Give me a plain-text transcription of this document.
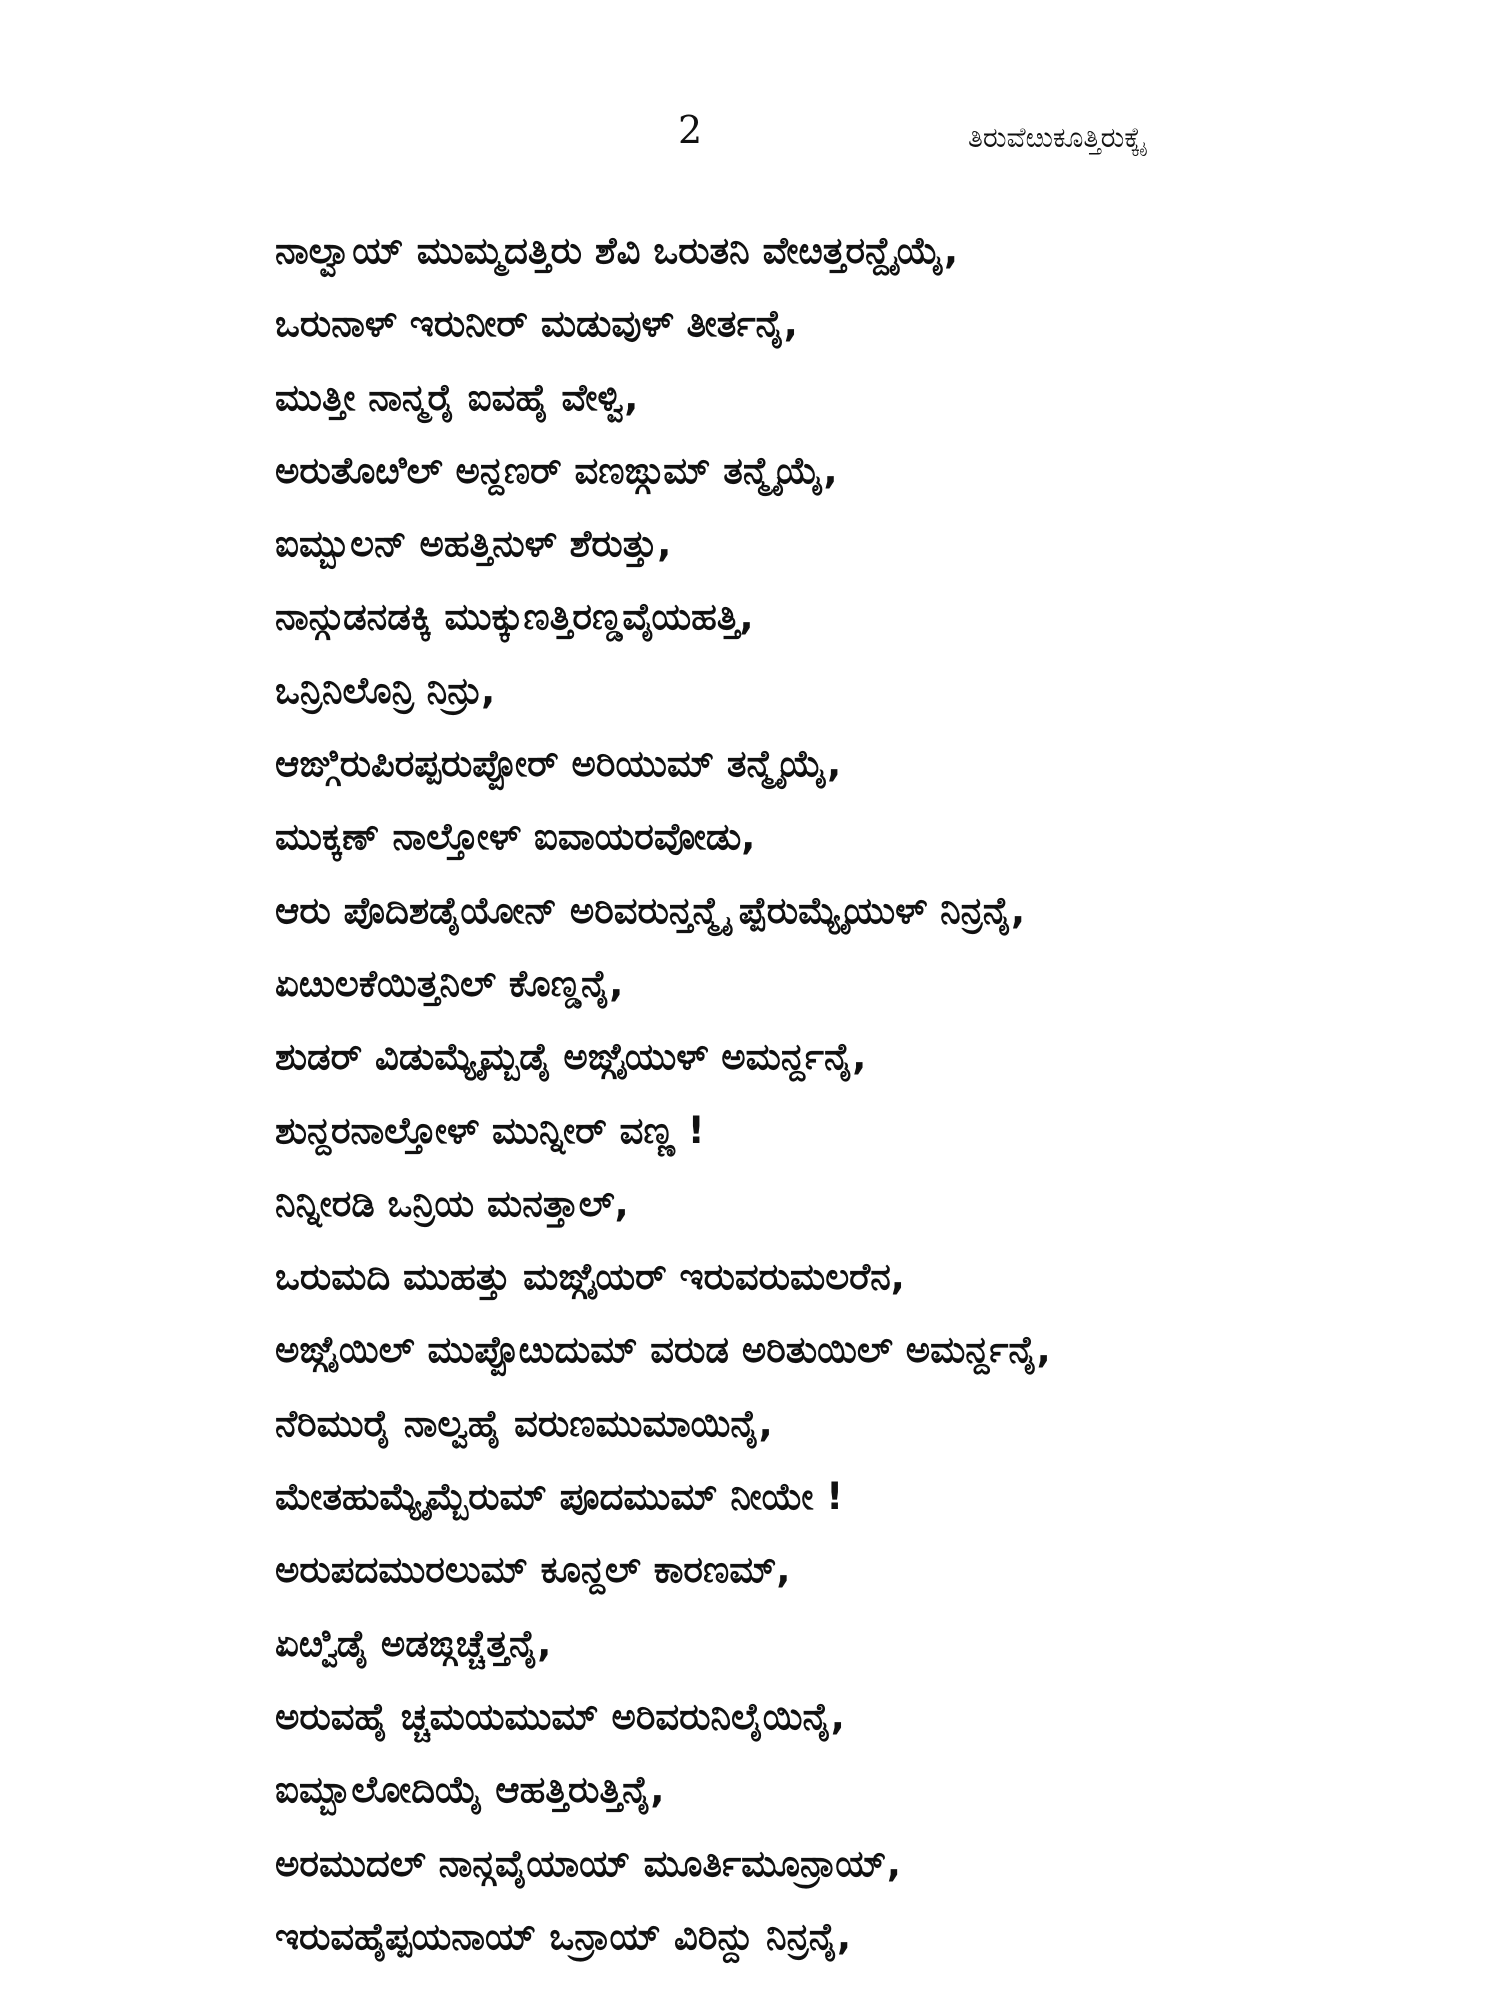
2	ತಿರುವೆೞುಕೂತ್ತಿರುಕ್ಕೈ
ನಾಲ್ವಾಯ್ ಮುಮ್ಮದತ್ತಿರು ಶೆವಿ ಒರುತನಿ ವೇೞತ್ತರನ್ದೈಯೈ,
ಒರುನಾಳ್ ಇರುನೀರ್ ಮಡುವುಳ್ ತೀರ್ತನೈ,
ಮುತ್ತೀ ನಾನ್ಮರೈ ಐವಹೈ ವೇಳ್ವಿ,
ಅರುತೊೞಿಲ್ ಅನ್ದಣರ್ ವಣಙ್ಗುಮ್ ತನ್ಮೈಯೈ,
ಐಮ್ಬುಲನ್ ಅಹತ್ತಿನುಳ್ ಶೆರುತ್ತು,
ನಾನ್ಗುಡನಡಕ್ಕಿ ಮುಕ್ಕುಣತ್ತಿರಣ್ಡವೈಯಹತ್ತಿ,
ಒನ್ರಿನಿಲೊನ್ರಿ ನಿನ್ರು,
ಆಙ್ಗಿರುಪಿರಪ್ಪರುಪ್ಪೋರ್ ಅರಿಯುಮ್ ತನ್ಮೈಯೈ,
ಮುಕ್ಕಣ್ ನಾಲ್ತೋಳ್ ಐವಾಯರವೋಡು,
ಆರು ಪೊದಿಶಡೈಯೋನ್ ಅರಿವರುನ್ತನ್ಮೈ ಪ್ಪೆರುಮ್ಯೈಯುಳ್ ನಿನ್ರನೈ,
ಏೞುಲಕೆಯಿತ್ತನಿಲ್ ಕೊಣ್ಡನೈ,
ಶುಡರ್ ವಿಡುಮ್ಯೈಮ್ಬಡೈ ಅಙ್ಗೈಯುಳ್ ಅಮರ್ನ್ದನೈ,
ಶುನ್ದರನಾಲ್ತೋಳ್ ಮುನ್ನೀರ್ ವಣ್ಣ !
ನಿನ್ನೀರಡಿ ಒನ್ರಿಯ ಮನತ್ತಾಲ್,
ಒರುಮದಿ ಮುಹತ್ತು ಮಙ್ಗೈಯರ್ ಇರುವರುಮಲರೆನ,
ಅಙ್ಗೈಯಿಲ್ ಮುಪ್ಪೊೞುದುಮ್ ವರುಡ ಅರಿತುಯಿಲ್ ಅಮರ್ನ್ದನೈ,
ನೆರಿಮುರೈ ನಾಲ್ವಹೈ ವರುಣಮುಮಾಯಿನೈ,
ಮೇತಹುಮ್ಯೈಮ್ಬೆರುಮ್ ಪೂದಮುಮ್ ನೀಯೇ !
ಅರುಪದಮುರಲುಮ್ ಕೂನ್ದಲ್ ಕಾರಣಮ್,
ಏೞ್ವಿಡೈ ಅಡಙ್ಗಚ್ಚೆತ್ತನೈ,
ಅರುವಹೈ ಚ್ಚಮಯಮುಮ್ ಅರಿವರುನಿಲೈಯಿನೈ,
ಐಮ್ಬಾಲೋದಿಯೈ ಆಹತ್ತಿರುತ್ತಿನೈ,
ಅರಮುದಲ್ ನಾನ್ಗವೈಯಾಯ್ ಮೂರ್ತಿಮೂನ್ರಾಯ್,
ಇರುವಹೈಪ್ಪಯನಾಯ್ ಒನ್ರಾಯ್ ವಿರಿನ್ದು ನಿನ್ರನೈ,
